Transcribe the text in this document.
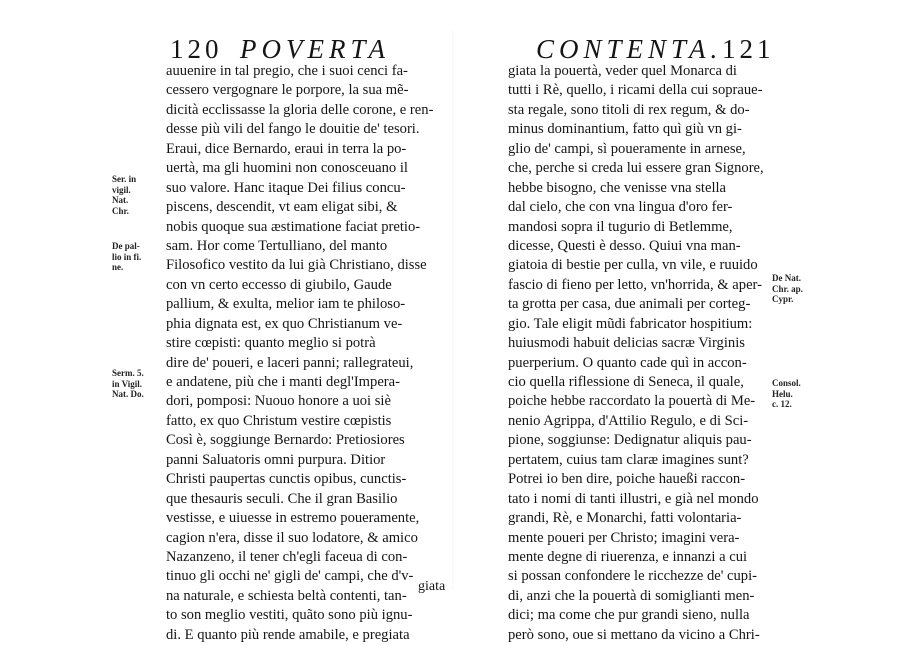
120 POVERTA
auuenire in tal pregio, che i suoi cenci fa-
cessero vergognare le porpore, la sua mẽ-
dicità ecclissasse la gloria delle corone, e ren-
desse più vili del fango le douitie de' tesori.
Eraui, dice Bernardo, eraui in terra la po-
uertà, ma gli huomini non conosceuano il
suo valore. Hanc itaque Dei filius concu-
piscens, descendit, vt eam eligat sibi, &
nobis quoque sua æstimatione faciat pretio-
sam. Hor come Tertulliano, del manto
Filosofico vestito da lui già Christiano, disse
con vn certo eccesso di giubilo, Gaude
pallium, & exulta, melior iam te philoso-
phia dignata est, ex quo Christianum ve-
stire cœpisti: quanto meglio si potrà
dire de' poueri, e laceri panni; rallegrateui,
e andatene, più che i manti degl'Impera-
dori, pomposi: Nuouo honore a uoi siè
fatto, ex quo Christum vestire cœpistis
Così è, soggiunge Bernardo: Pretiosiores
panni Saluatoris omni purpura. Ditior
Christi paupertas cunctis opibus, cunctis-
que thesauris seculi. Che il gran Basilio
vestisse, e uiuesse in estremo poueramente,
cagion n'era, disse il suo lodatore, & amico
Nazanzeno, il tener ch'egli faceua di con-
tinuo gli occhi ne' gigli de' campi, che d'v-
na naturale, e schiesta beltà contenti, tan-
to son meglio vestiti, quãto sono più ignu-
di. E quanto più rende amabile, e pregiata
giata
Ser. in
vigil.
Nat.
Chr.
De pal-
lio in fi.
ne.
Serm. 5.
in Vigil.
Nat. Do.
CONTENTA. 121
giata la pouertà, veder quel Monarca di
tutti i Rè, quello, i ricami della cui sopraue-
sta regale, sono titoli di rex regum, & do-
minus dominantium, fatto quì giù vn gi-
glio de' campi, sì poueramente in arnese,
che, perche si creda lui essere gran Signore,
hebbe bisogno, che venisse vna stella
dal cielo, che con vna lingua d'oro fer-
mandosi sopra il tugurio di Betlemme,
dicesse, Questi è desso. Quiui vna man-
giatoia di bestie per culla, vn vile, e ruuido
fascio di fieno per letto, vn'horrida, & aper-
ta grotta per casa, due animali per corteg-
gio. Tale eligit mũdi fabricator hospitium:
huiusmodi habuit delicias sacræ Virginis
puerperium. O quanto cade quì in accon-
cio quella riflessione di Seneca, il quale,
poiche hebbe raccordato la pouertà di Me-
nenio Agrippa, d'Attilio Regulo, e di Sci-
pione, soggiunse: Dedignatur aliquis pau-
pertatem, cuius tam claræ imagines sunt?
Potrei io ben dire, poiche haueßi raccon-
tato i nomi di tanti illustri, e già nel mondo
grandi, Rè, e Monarchi, fatti volontaria-
mente poueri per Christo; imagini vera-
mente degne di riuerenza, e innanzi a cui
si possan confondere le ricchezze de' cupi-
di, anzi che la pouertà di somiglianti men-
dici; ma come che pur grandi sieno, nulla
però sono, oue si mettano da vicino a Chri-
De Nat.
Chr. ap.
Cypr.
Consol.
Helu.
c. 12.
